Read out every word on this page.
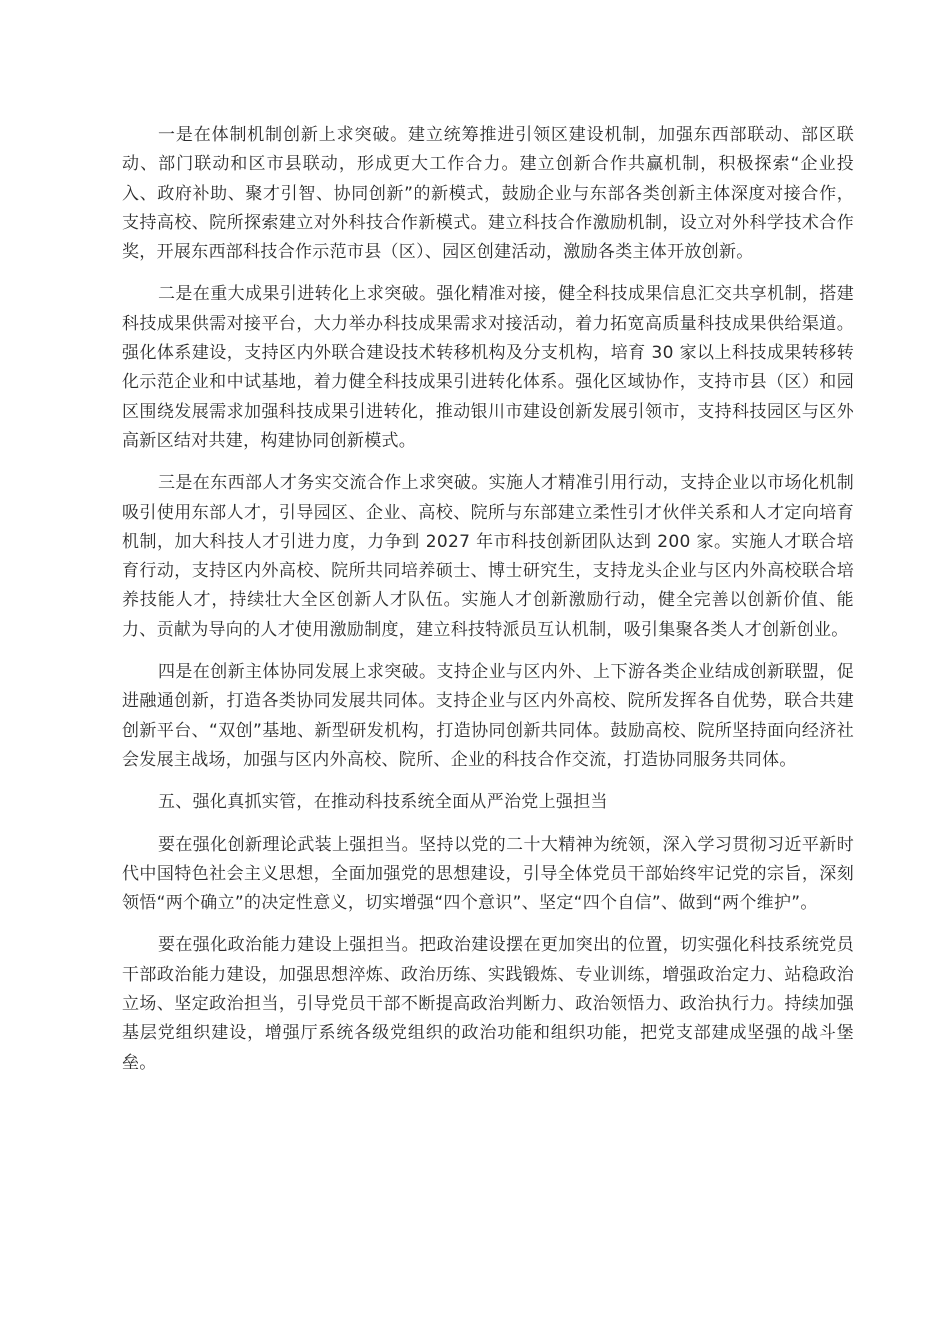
一是在体制机制创新上求突破。建立统筹推进引领区建设机制，加强东西部联动、部区联动、部门联动和区市县联动，形成更大工作合力。建立创新合作共赢机制，积极探索“企业投入、政府补助、聚才引智、协同创新”的新模式，鼓励企业与东部各类创新主体深度对接合作，支持高校、院所探索建立对外科技合作新模式。建立科技合作激励机制，设立对外科学技术合作奖，开展东西部科技合作示范市县（区）、园区创建活动，激励各类主体开放创新。

二是在重大成果引进转化上求突破。强化精准对接，健全科技成果信息汇交共享机制，搭建科技成果供需对接平台，大力举办科技成果需求对接活动，着力拓宽高质量科技成果供给渠道。强化体系建设，支持区内外联合建设技术转移机构及分支机构，培育 30 家以上科技成果转移转化示范企业和中试基地，着力健全科技成果引进转化体系。强化区域协作，支持市县（区）和园区围绕发展需求加强科技成果引进转化，推动银川市建设创新发展引领市，支持科技园区与区外高新区结对共建，构建协同创新模式。

三是在东西部人才务实交流合作上求突破。实施人才精准引用行动，支持企业以市场化机制吸引使用东部人才，引导园区、企业、高校、院所与东部建立柔性引才伙伴关系和人才定向培育机制，加大科技人才引进力度，力争到 2027 年市科技创新团队达到 200 家。实施人才联合培育行动，支持区内外高校、院所共同培养硕士、博士研究生，支持龙头企业与区内外高校联合培养技能人才，持续壮大全区创新人才队伍。实施人才创新激励行动，健全完善以创新价值、能力、贡献为导向的人才使用激励制度，建立科技特派员互认机制，吸引集聚各类人才创新创业。

四是在创新主体协同发展上求突破。支持企业与区内外、上下游各类企业结成创新联盟，促进融通创新，打造各类协同发展共同体。支持企业与区内外高校、院所发挥各自优势，联合共建创新平台、“双创”基地、新型研发机构，打造协同创新共同体。鼓励高校、院所坚持面向经济社会发展主战场，加强与区内外高校、院所、企业的科技合作交流，打造协同服务共同体。

五、强化真抓实管，在推动科技系统全面从严治党上强担当

要在强化创新理论武装上强担当。坚持以党的二十大精神为统领，深入学习贯彻习近平新时代中国特色社会主义思想，全面加强党的思想建设，引导全体党员干部始终牢记党的宗旨，深刻领悟“两个确立”的决定性意义，切实增强“四个意识”、坚定“四个自信”、做到“两个维护”。

要在强化政治能力建设上强担当。把政治建设摆在更加突出的位置，切实强化科技系统党员干部政治能力建设，加强思想淬炼、政治历练、实践锻炼、专业训练，增强政治定力、站稳政治立场、坚定政治担当，引导党员干部不断提高政治判断力、政治领悟力、政治执行力。持续加强基层党组织建设，增强厅系统各级党组织的政治功能和组织功能，把党支部建成坚强的战斗堡垒。
